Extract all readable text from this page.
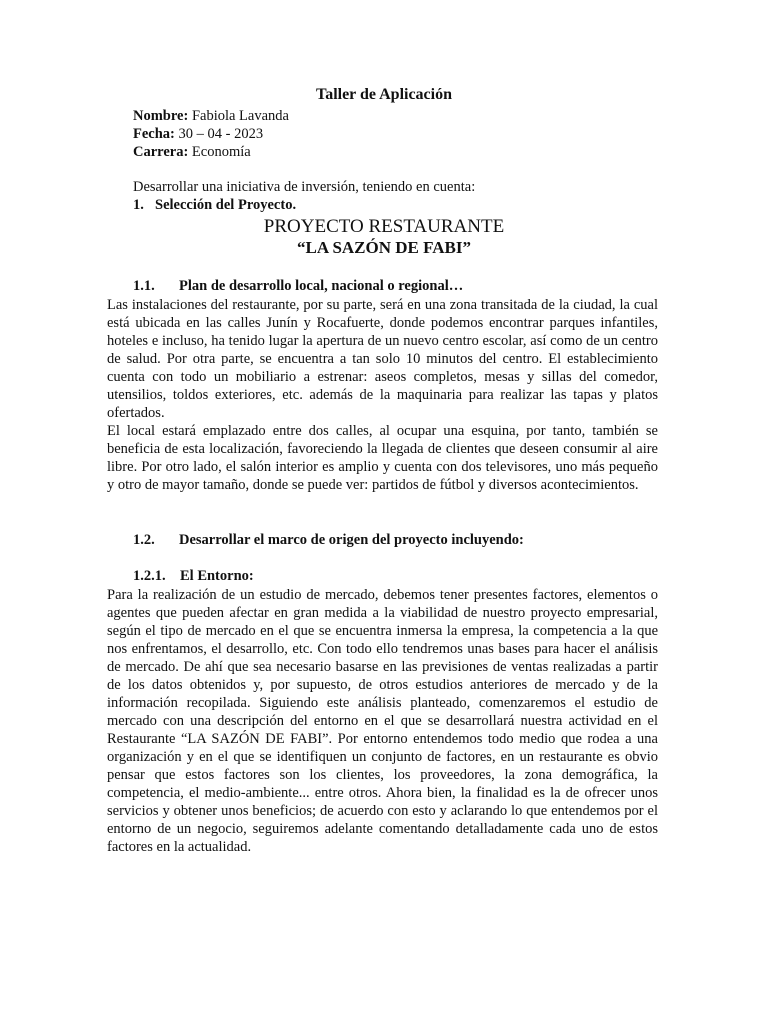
Taller de Aplicación
Nombre: Fabiola Lavanda
Fecha: 30 – 04 - 2023
Carrera: Economía
Desarrollar una iniciativa de inversión, teniendo en cuenta:
1. Selección del Proyecto.
PROYECTO RESTAURANTE
“LA SAZÓN DE FABI”
1.1. Plan de desarrollo local, nacional o regional…
Las instalaciones del restaurante, por su parte, será en una zona transitada de la ciudad, la cual está ubicada en las calles Junín y Rocafuerte, donde podemos encontrar parques infantiles, hoteles e incluso, ha tenido lugar la apertura de un nuevo centro escolar, así como de un centro de salud. Por otra parte, se encuentra a tan solo 10 minutos del centro. El establecimiento cuenta con todo un mobiliario a estrenar: aseos completos, mesas y sillas del comedor, utensilios, toldos exteriores, etc. además de la maquinaria para realizar las tapas y platos ofertados.
El local estará emplazado entre dos calles, al ocupar una esquina, por tanto, también se beneficia de esta localización, favoreciendo la llegada de clientes que deseen consumir al aire libre. Por otro lado, el salón interior es amplio y cuenta con dos televisores, uno más pequeño y otro de mayor tamaño, donde se puede ver: partidos de fútbol y diversos acontecimientos.
1.2. Desarrollar el marco de origen del proyecto incluyendo:
1.2.1. El Entorno:
Para la realización de un estudio de mercado, debemos tener presentes factores, elementos o agentes que pueden afectar en gran medida a la viabilidad de nuestro proyecto empresarial, según el tipo de mercado en el que se encuentra inmersa la empresa, la competencia a la que nos enfrentamos, el desarrollo, etc. Con todo ello tendremos unas bases para hacer el análisis de mercado. De ahí que sea necesario basarse en las previsiones de ventas realizadas a partir de los datos obtenidos y, por supuesto, de otros estudios anteriores de mercado y de la información recopilada. Siguiendo este análisis planteado, comenzaremos el estudio de mercado con una descripción del entorno en el que se desarrollará nuestra actividad en el Restaurante “LA SAZÓN DE FABI”. Por entorno entendemos todo medio que rodea a una organización y en el que se identifiquen un conjunto de factores, en un restaurante es obvio pensar que estos factores son los clientes, los proveedores, la zona demográfica, la competencia, el medio-ambiente... entre otros. Ahora bien, la finalidad es la de ofrecer unos servicios y obtener unos beneficios; de acuerdo con esto y aclarando lo que entendemos por el entorno de un negocio, seguiremos adelante comentando detalladamente cada uno de estos factores en la actualidad.
